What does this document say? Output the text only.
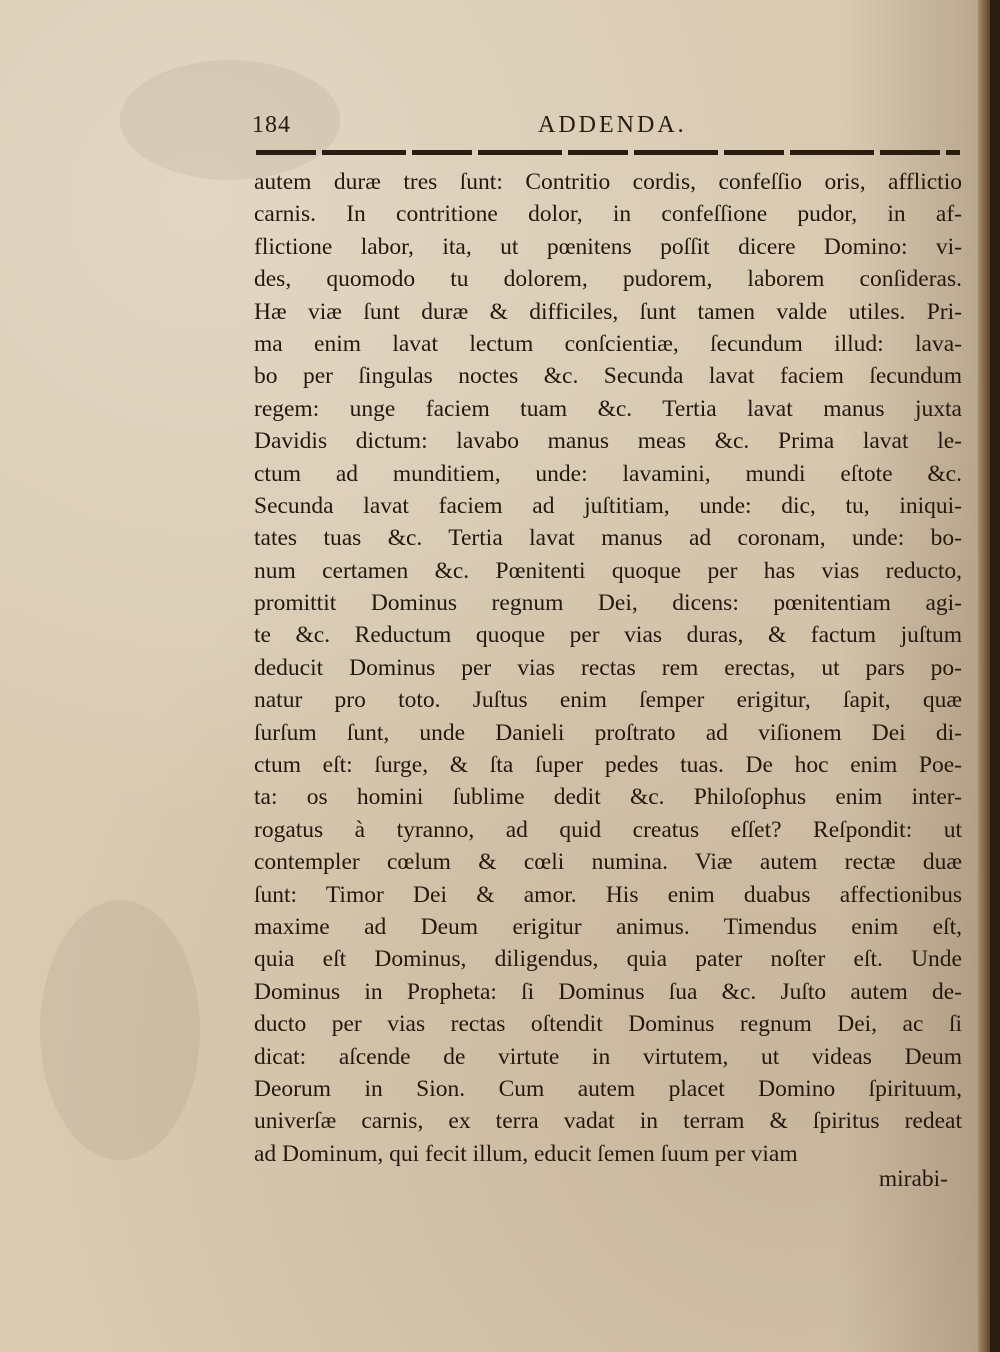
184	ADDENDA.
autem duræ tres ſunt: Contritio cordis, confeſſio oris, afflictio
carnis. In contritione dolor, in confeſſione pudor, in af-
flictione labor, ita, ut pœnitens poſſit dicere Domino: vi-
des, quomodo tu dolorem, pudorem, laborem conſideras.
Hæ viæ ſunt duræ & difficiles, ſunt tamen valde utiles. Pri-
ma enim lavat lectum conſcientiæ, ſecundum illud: lava-
bo per ſingulas noctes &c. Secunda lavat faciem ſecundum
regem: unge faciem tuam &c. Tertia lavat manus juxta
Davidis dictum: lavabo manus meas &c. Prima lavat le-
ctum ad munditiem, unde: lavamini, mundi eſtote &c.
Secunda lavat faciem ad juſtitiam, unde: dic, tu, iniqui-
tates tuas &c. Tertia lavat manus ad coronam, unde: bo-
num certamen &c. Pœnitenti quoque per has vias reducto,
promittit Dominus regnum Dei, dicens: pœnitentiam agi-
te &c. Reductum quoque per vias duras, & factum juſtum
deducit Dominus per vias rectas rem erectas, ut pars po-
natur pro toto. Juſtus enim ſemper erigitur, ſapit, quæ
ſurſum ſunt, unde Danieli proſtrato ad viſionem Dei di-
ctum eſt: ſurge, & ſta ſuper pedes tuas. De hoc enim Poe-
ta: os homini ſublime dedit &c. Philoſophus enim inter-
rogatus à tyranno, ad quid creatus eſſet? Reſpondit: ut
contempler cœlum & cœli numina. Viæ autem rectæ duæ
ſunt: Timor Dei & amor. His enim duabus affectionibus
maxime ad Deum erigitur animus. Timendus enim eſt,
quia eſt Dominus, diligendus, quia pater noſter eſt. Unde
Dominus in Propheta: ſi Dominus ſua &c. Juſto autem de-
ducto per vias rectas oſtendit Dominus regnum Dei, ac ſi
dicat: aſcende de virtute in virtutem, ut videas Deum
Deorum in Sion. Cum autem placet Domino ſpirituum,
univerſæ carnis, ex terra vadat in terram & ſpiritus redeat
ad Dominum, qui fecit illum, educit ſemen ſuum per viam
mirabi-
